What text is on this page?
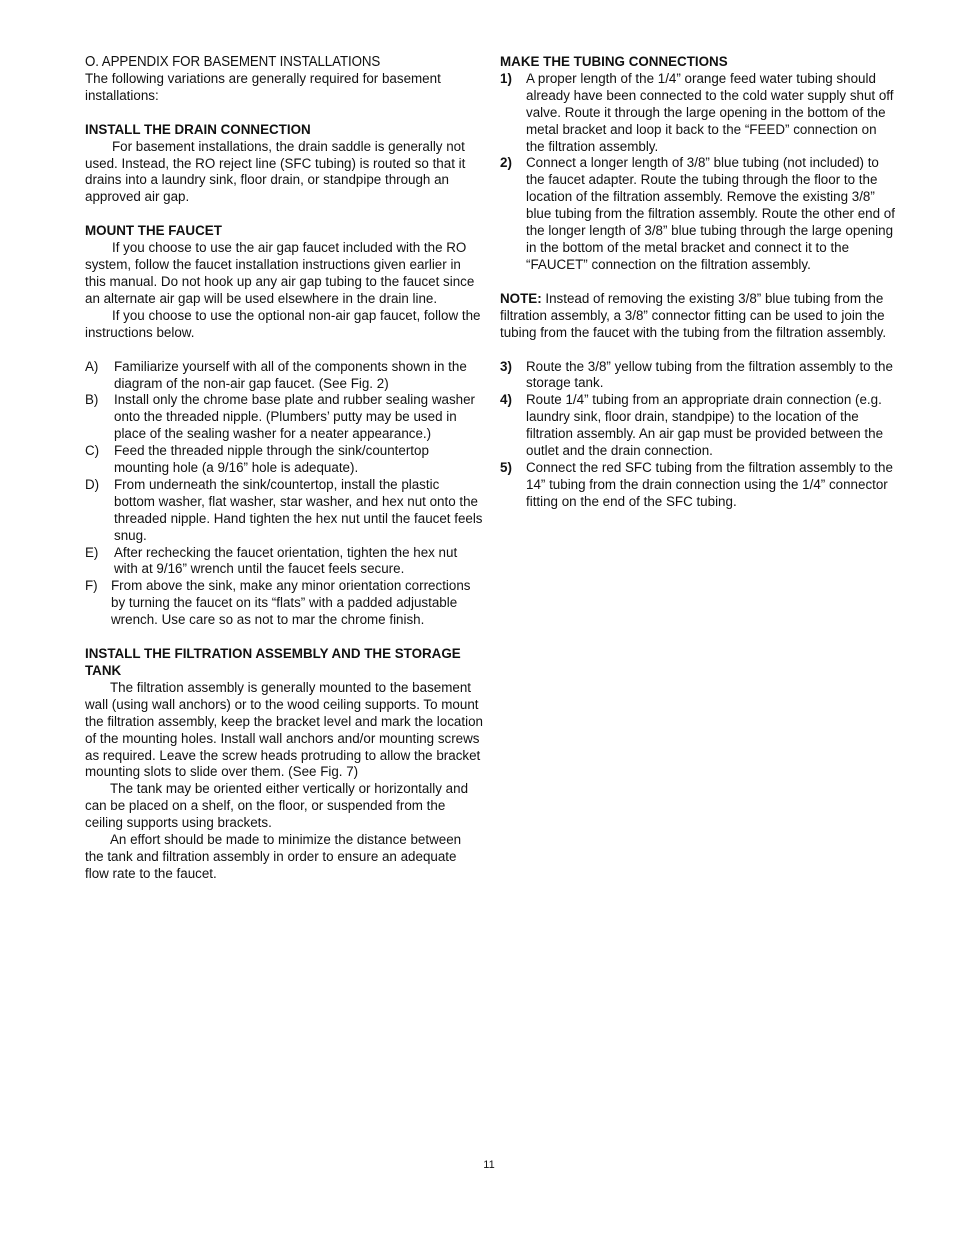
O. APPENDIX FOR BASEMENT INSTALLATIONS

The following variations are generally required for basement installations:

INSTALL THE DRAIN CONNECTION

For basement installations, the drain saddle is generally not used. Instead, the RO reject line (SFC tubing) is routed so that it drains into a laundry sink, floor drain, or standpipe through an approved air gap.

MOUNT THE FAUCET

If you choose to use the air gap faucet included with the RO system, follow the faucet installation instructions given earlier in this manual. Do not hook up any air gap tubing to the faucet since an alternate air gap will be used elsewhere in the drain line.

If you choose to use the optional non-air gap faucet, follow the instructions below.

A)	Familiarize yourself with all of the components shown in the diagram of the non-air gap faucet. (See Fig. 2)
B)	Install only the chrome base plate and rubber sealing washer onto the threaded nipple. (Plumbers’ putty may be used in place of the sealing washer for a neater appearance.)
C)	Feed the threaded nipple through the sink/countertop mounting hole (a 9/16” hole is adequate).
D)	From underneath the sink/countertop, install the plastic bottom washer, flat washer, star washer, and hex nut onto the threaded nipple. Hand tighten the hex nut until the faucet feels snug.
E)	After rechecking the faucet orientation, tighten the hex nut with at 9/16” wrench until the faucet feels secure.
F) From above the sink, make any minor orientation corrections by turning the faucet on its “flats” with a padded adjustable wrench. Use care so as not to mar the chrome finish.

INSTALL THE FILTRATION ASSEMBLY AND THE STORAGE TANK

The filtration assembly is generally mounted to the basement wall (using wall anchors) or to the wood ceiling supports. To mount the filtration assembly, keep the bracket level and mark the location of the mounting holes. Install wall anchors and/or mounting screws as required. Leave the screw heads protruding to allow the bracket mounting slots to slide over them. (See Fig. 7)

The tank may be oriented either vertically or horizontally and can be placed on a shelf, on the floor, or suspended from the ceiling supports using brackets.

An effort should be made to minimize the distance between the tank and filtration assembly in order to ensure an adequate flow rate to the faucet.

MAKE THE TUBING CONNECTIONS

1)	A proper length of the 1/4” orange feed water tubing should already have been connected to the cold water supply shut off valve. Route it through the large opening in the bottom of the metal bracket and loop it back to the “FEED” connection on the filtration assembly.
2)	Connect a longer length of 3/8” blue tubing (not included) to the faucet adapter. Route the tubing through the floor to the location of the filtration assembly. Remove the existing 3/8” blue tubing from the filtration assembly. Route the other end of the longer length of 3/8” blue tubing through the large opening in the bottom of the metal bracket and connect it to the “FAUCET” connection on the filtration assembly.

NOTE: Instead of removing the existing 3/8” blue tubing from the filtration assembly, a 3/8” connector fitting can be used to join the tubing from the faucet with the tubing from the filtration assembly.

3)	Route the 3/8” yellow tubing from the filtration assembly to the storage tank.
4)	Route 1/4” tubing from an appropriate drain connection (e.g. laundry sink, floor drain, standpipe) to the location of the filtration assembly. An air gap must be provided between the outlet and the drain connection.
5)	Connect the red SFC tubing from the filtration assembly to the 14” tubing from the drain connection using the 1/4” connector fitting on the end of the SFC tubing.
11
